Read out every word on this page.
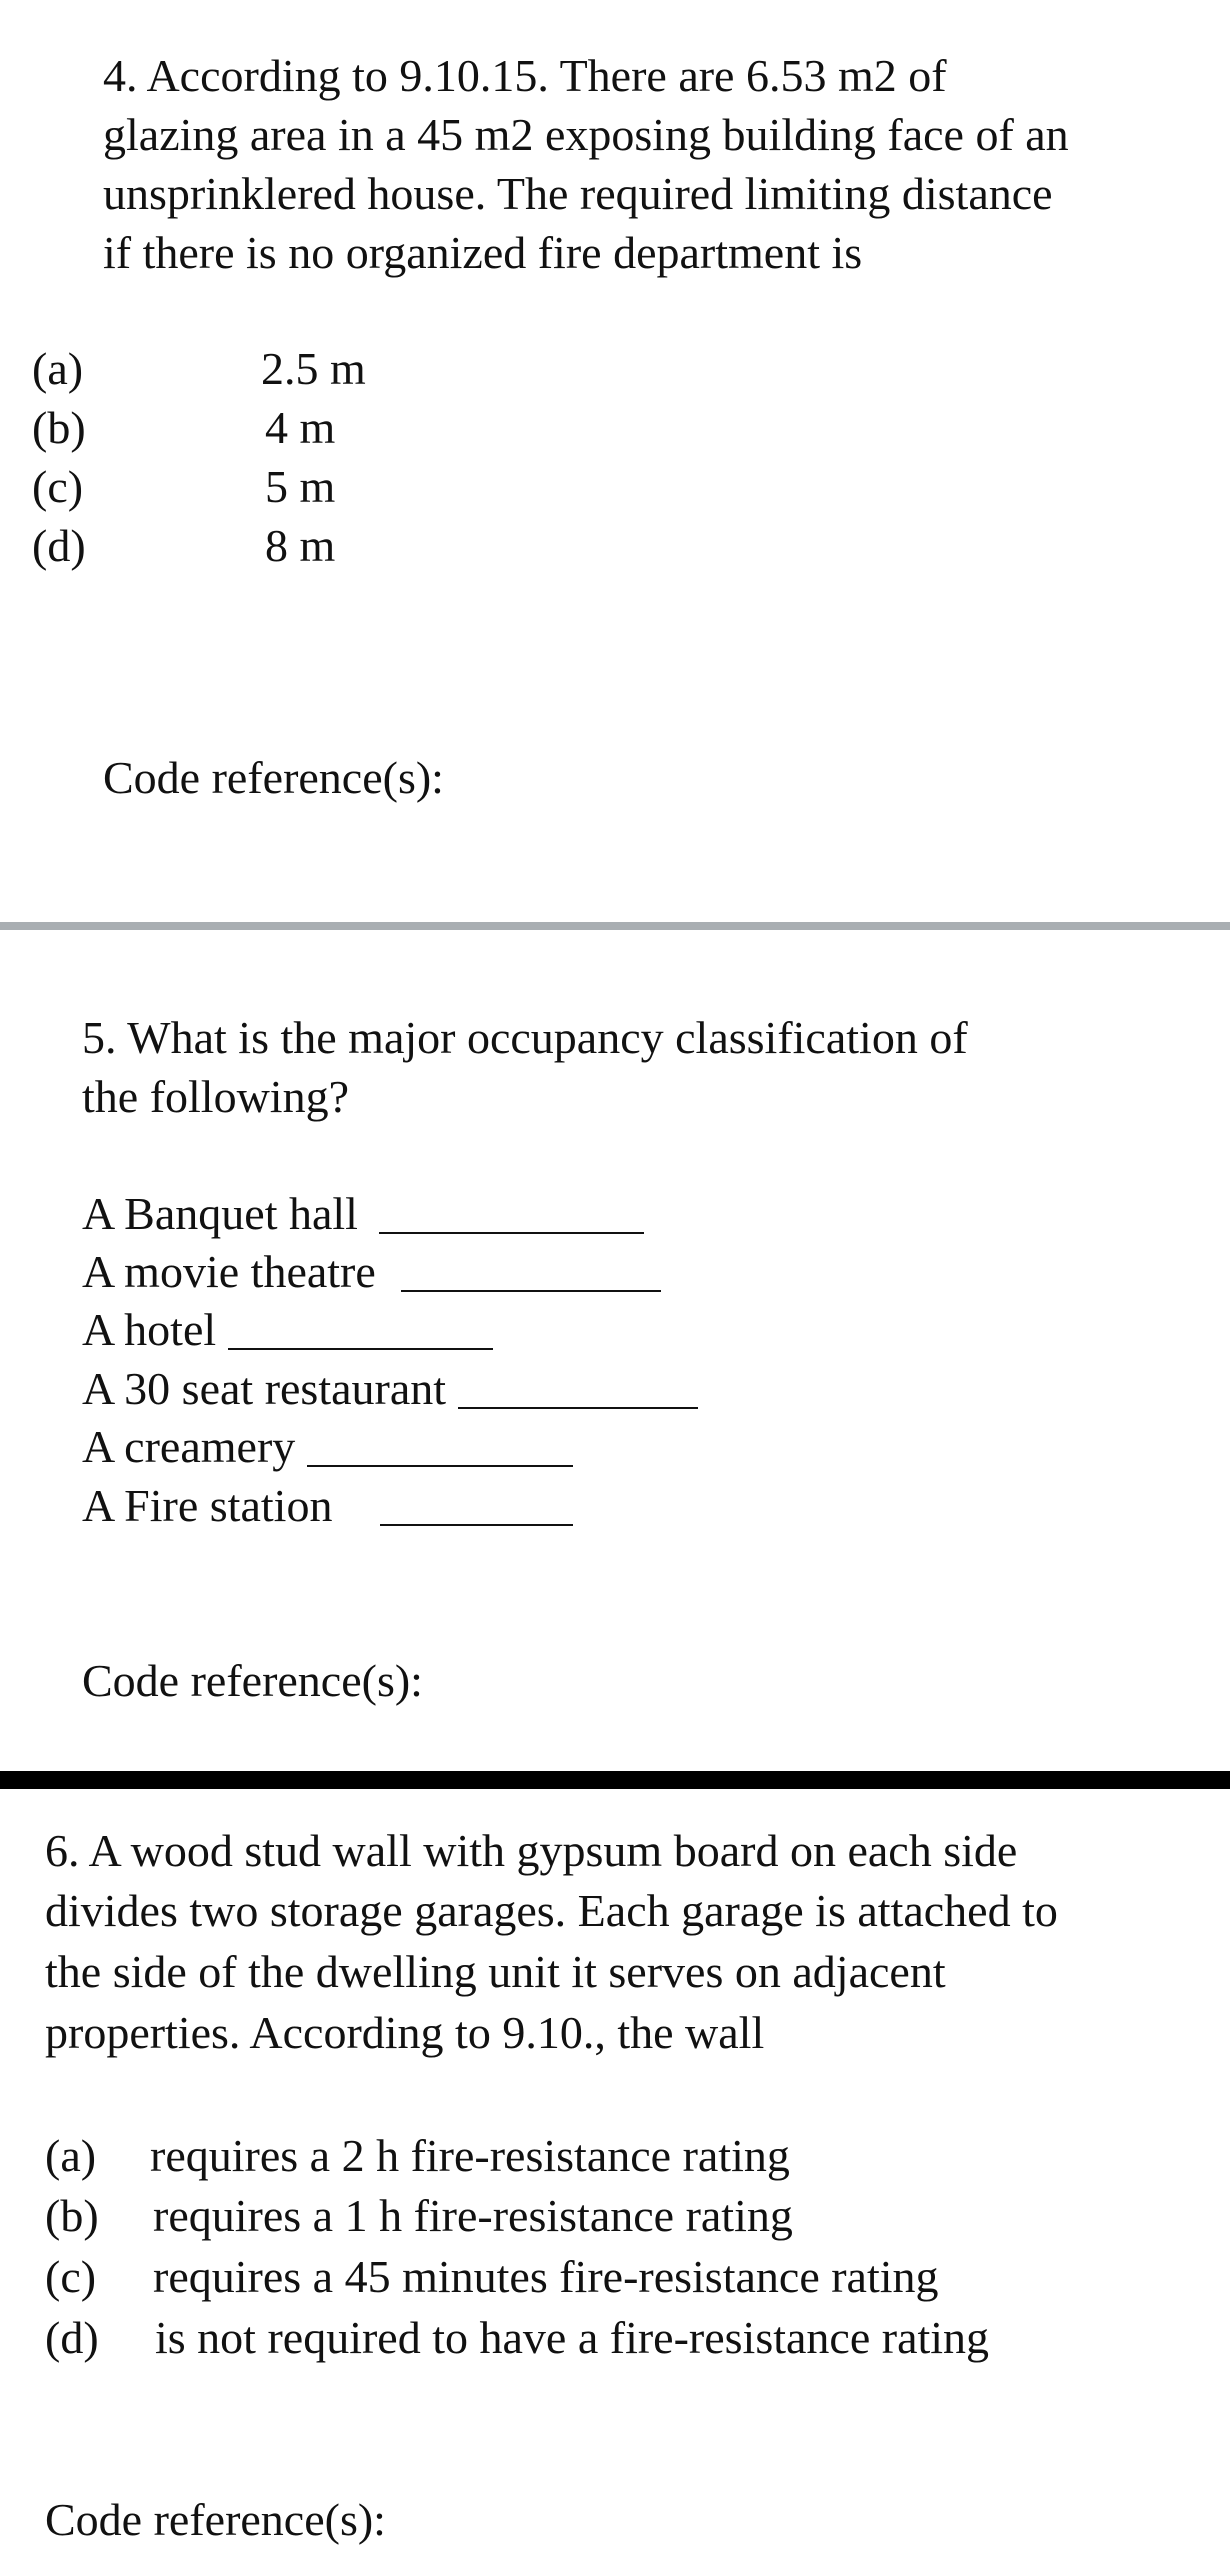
4. According to 9.10.15. There are 6.53 m2 of
glazing area in a 45 m2 exposing building face of an
unsprinklered house. The required limiting distance
if there is no organized fire department is
(a)	2.5 m
(b)	4 m
(c)	5 m
(d)	8 m
Code reference(s):
5. What is the major occupancy classification of
the following?
A Banquet hall
A movie theatre
A hotel
A 30 seat restaurant
A creamery
A Fire station
Code reference(s):
6. A wood stud wall with gypsum board on each side
divides two storage garages. Each garage is attached to
the side of the dwelling unit it serves on adjacent
properties. According to 9.10., the wall
(a) requires a 2 h fire-resistance rating
(b) requires a 1 h fire-resistance rating
(c) requires a 45 minutes fire-resistance rating
(d) is not required to have a fire-resistance rating
Code reference(s):
